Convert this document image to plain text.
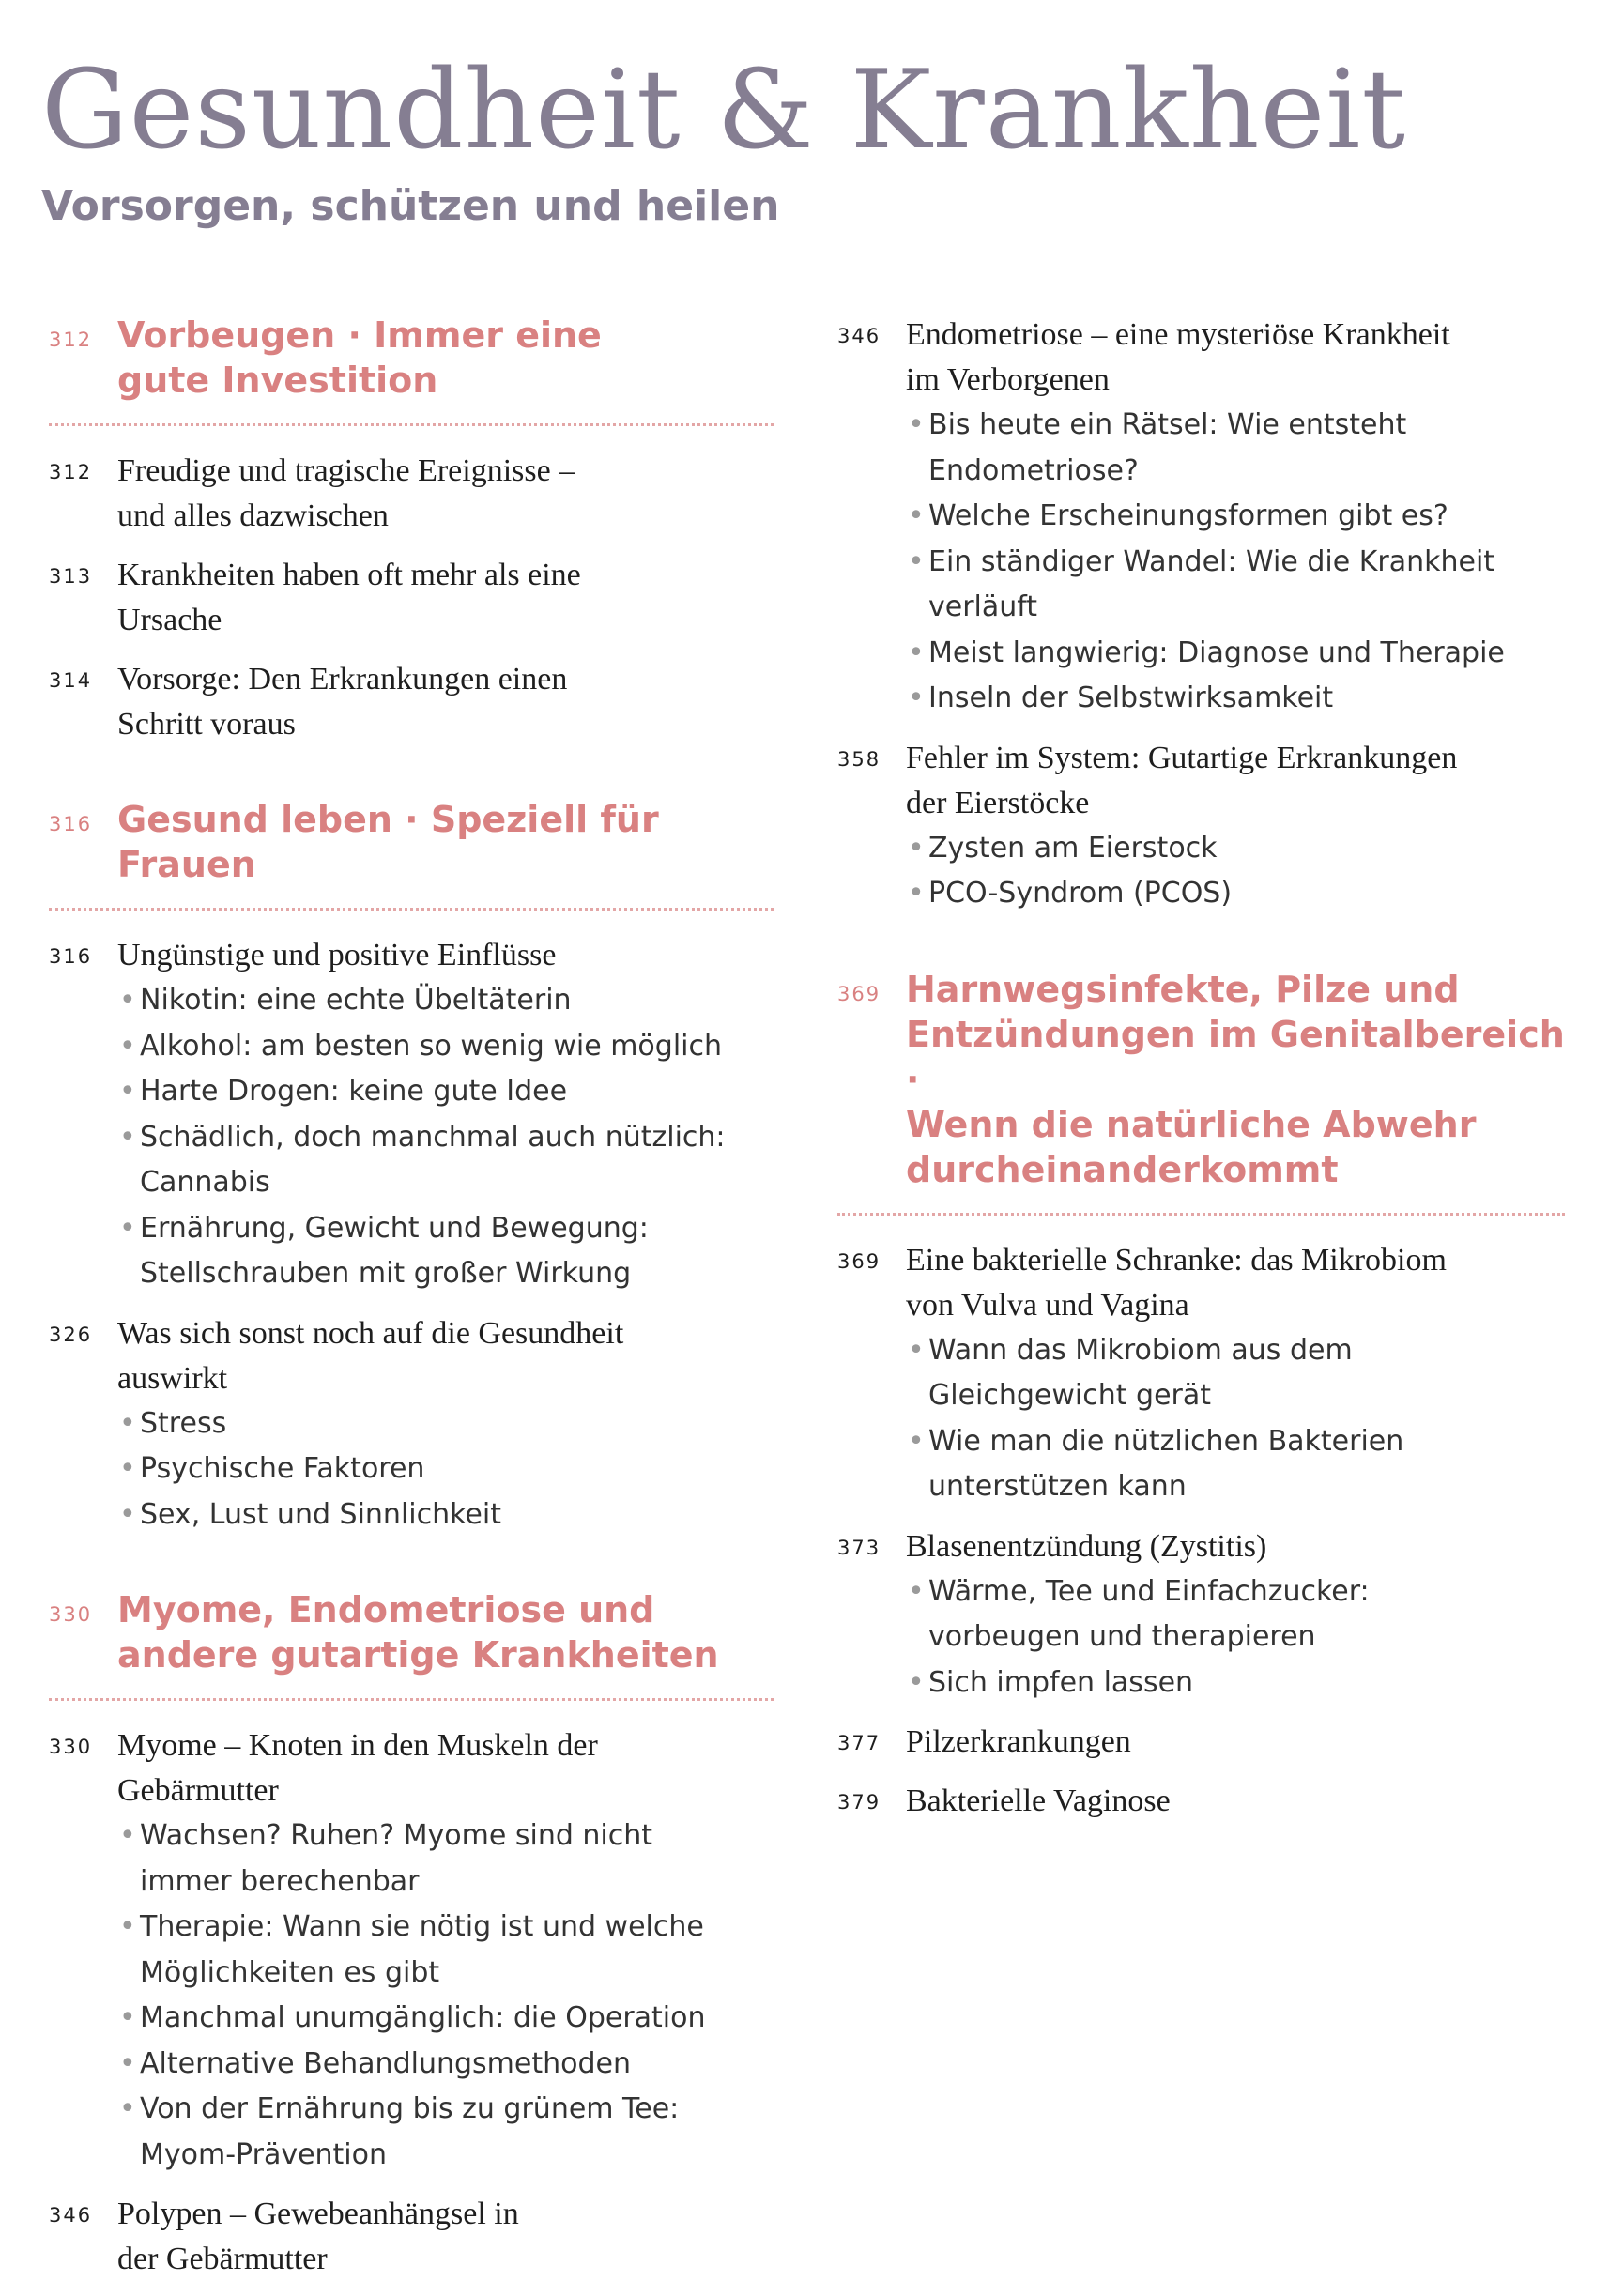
Gesundheit & Krankheit
Vorsorgen, schützen und heilen
312 Vorbeugen · Immer eine
gute Investition
312 Freudige und tragische Ereignisse –
und alles dazwischen
313 Krankheiten haben oft mehr als eine
Ursache
314 Vorsorge: Den Erkrankungen einen
Schritt voraus
316 Gesund leben · Speziell für Frauen
316 Ungünstige und positive Einflüsse
• Nikotin: eine echte Übeltäterin
• Alkohol: am besten so wenig wie möglich
• Harte Drogen: keine gute Idee
• Schädlich, doch manchmal auch nützlich:
Cannabis
• Ernährung, Gewicht und Bewegung:
Stellschrauben mit großer Wirkung
326 Was sich sonst noch auf die Gesundheit
auswirkt
• Stress
• Psychische Faktoren
• Sex, Lust und Sinnlichkeit
330 Myome, Endometriose und
andere gutartige Krankheiten
330 Myome – Knoten in den Muskeln der
Gebärmutter
• Wachsen? Ruhen? Myome sind nicht
immer berechenbar
• Therapie: Wann sie nötig ist und welche
Möglichkeiten es gibt
• Manchmal unumgänglich: die Operation
• Alternative Behandlungsmethoden
• Von der Ernährung bis zu grünem Tee:
Myom-Prävention
346 Polypen – Gewebeanhängsel in
der Gebärmutter
346 Endometriose – eine mysteriöse Krankheit
im Verborgenen
• Bis heute ein Rätsel: Wie entsteht
Endometriose?
• Welche Erscheinungsformen gibt es?
• Ein ständiger Wandel: Wie die Krankheit
verläuft
• Meist langwierig: Diagnose und Therapie
• Inseln der Selbstwirksamkeit
358 Fehler im System: Gutartige Erkrankungen
der Eierstöcke
• Zysten am Eierstock
• PCO-Syndrom (PCOS)
369 Harnwegsinfekte, Pilze und
Entzündungen im Genitalbereich ·
Wenn die natürliche Abwehr
durcheinanderkommt
369 Eine bakterielle Schranke: das Mikrobiom
von Vulva und Vagina
• Wann das Mikrobiom aus dem
Gleichgewicht gerät
• Wie man die nützlichen Bakterien
unterstützen kann
373 Blasenentzündung (Zystitis)
• Wärme, Tee und Einfachzucker:
vorbeugen und therapieren
• Sich impfen lassen
377 Pilzerkrankungen
379 Bakterielle Vaginose
